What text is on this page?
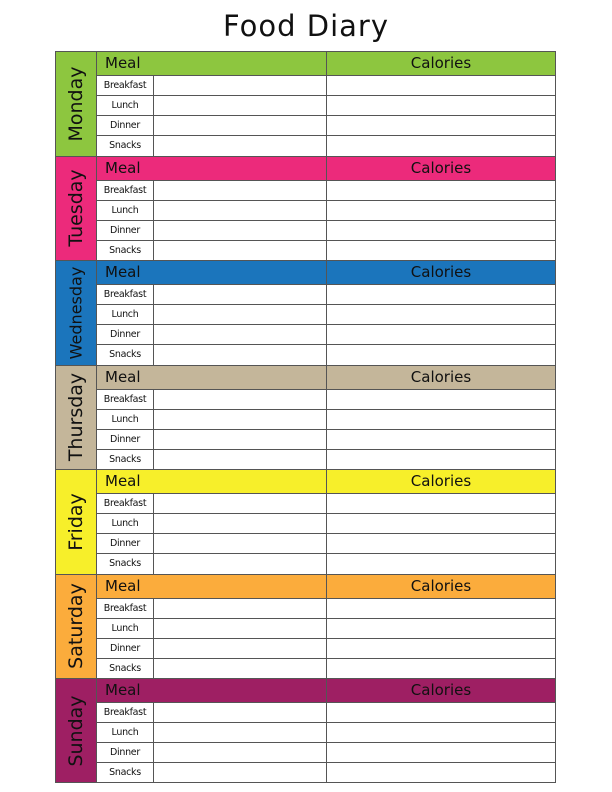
Food Diary
Monday
Meal	Calories
Breakfast
Lunch
Dinner
Snacks
Tuesday
Meal	Calories
Breakfast
Lunch
Dinner
Snacks
Wednesday	Meal	Calories
Breakfast
Lunch
Dinner
Snacks
Thursday	Meal	Calories
Breakfast
Lunch
Dinner
Snacks
Friday
Meal	Calories
Breakfast
Lunch
Dinner
Snacks
Saturday	Meal	Calories
Breakfast
Lunch
Dinner
Snacks
Sunday
Meal	Calories
Breakfast
Lunch
Dinner
Snacks
